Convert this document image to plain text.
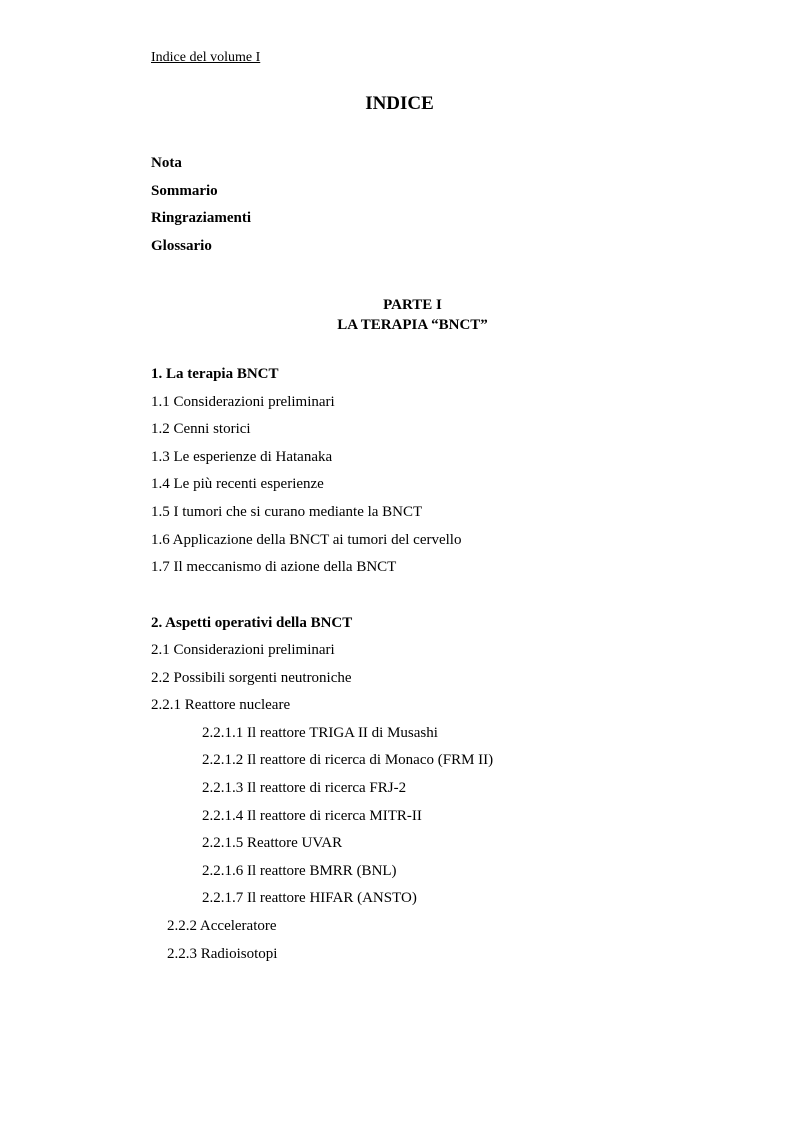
Indice del volume I
INDICE
Nota
Sommario
Ringraziamenti
Glossario
PARTE I
LA TERAPIA “BNCT”
1. La terapia BNCT
1.1 Considerazioni preliminari
1.2 Cenni storici
1.3 Le esperienze di Hatanaka
1.4 Le più recenti esperienze
1.5 I tumori che si curano mediante la BNCT
1.6 Applicazione della BNCT ai tumori del cervello
1.7 Il meccanismo di azione della BNCT
2. Aspetti operativi della BNCT
2.1 Considerazioni preliminari
2.2 Possibili sorgenti neutroniche
2.2.1 Reattore nucleare
2.2.1.1 Il reattore TRIGA II di Musashi
2.2.1.2 Il reattore di ricerca di Monaco (FRM II)
2.2.1.3 Il reattore di ricerca FRJ-2
2.2.1.4 Il reattore di ricerca MITR-II
2.2.1.5 Reattore UVAR
2.2.1.6 Il reattore BMRR (BNL)
2.2.1.7 Il reattore HIFAR (ANSTO)
2.2.2 Acceleratore
2.2.3 Radioisotopi
